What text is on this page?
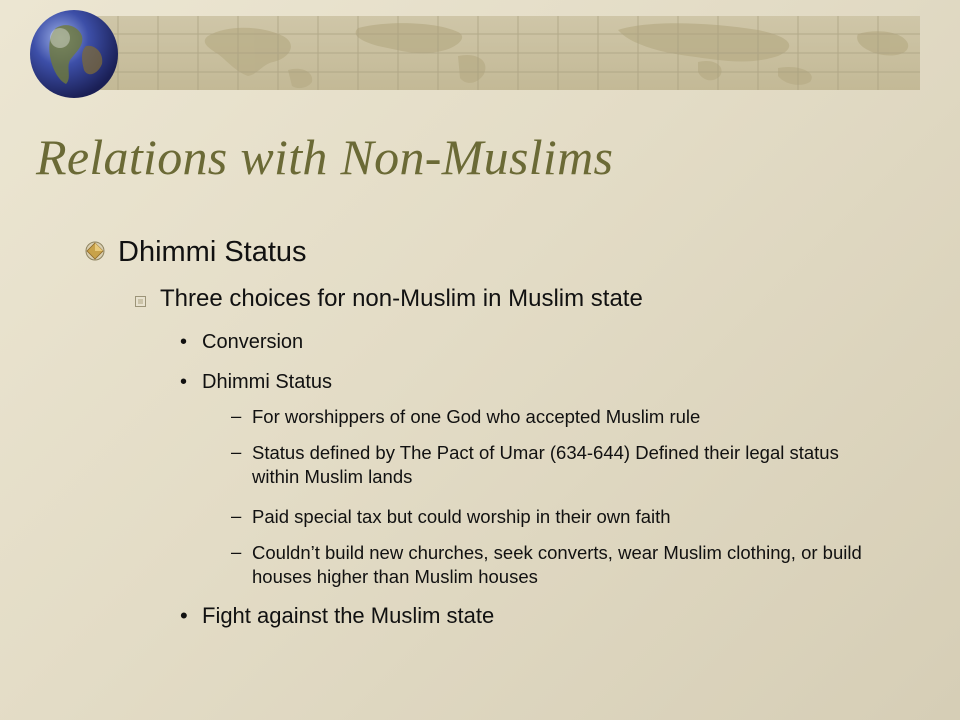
Relations with Non-Muslims
Dhimmi Status
Three choices for non-Muslim in Muslim state
• Conversion
• Dhimmi Status
– For worshippers of one God who accepted Muslim rule
– Status defined by The Pact of Umar (634-644) Defined their legal status within Muslim lands
– Paid special tax but could worship in their own faith
– Couldn’t build new churches, seek converts, wear Muslim clothing, or build houses higher than Muslim houses
• Fight against the Muslim state
